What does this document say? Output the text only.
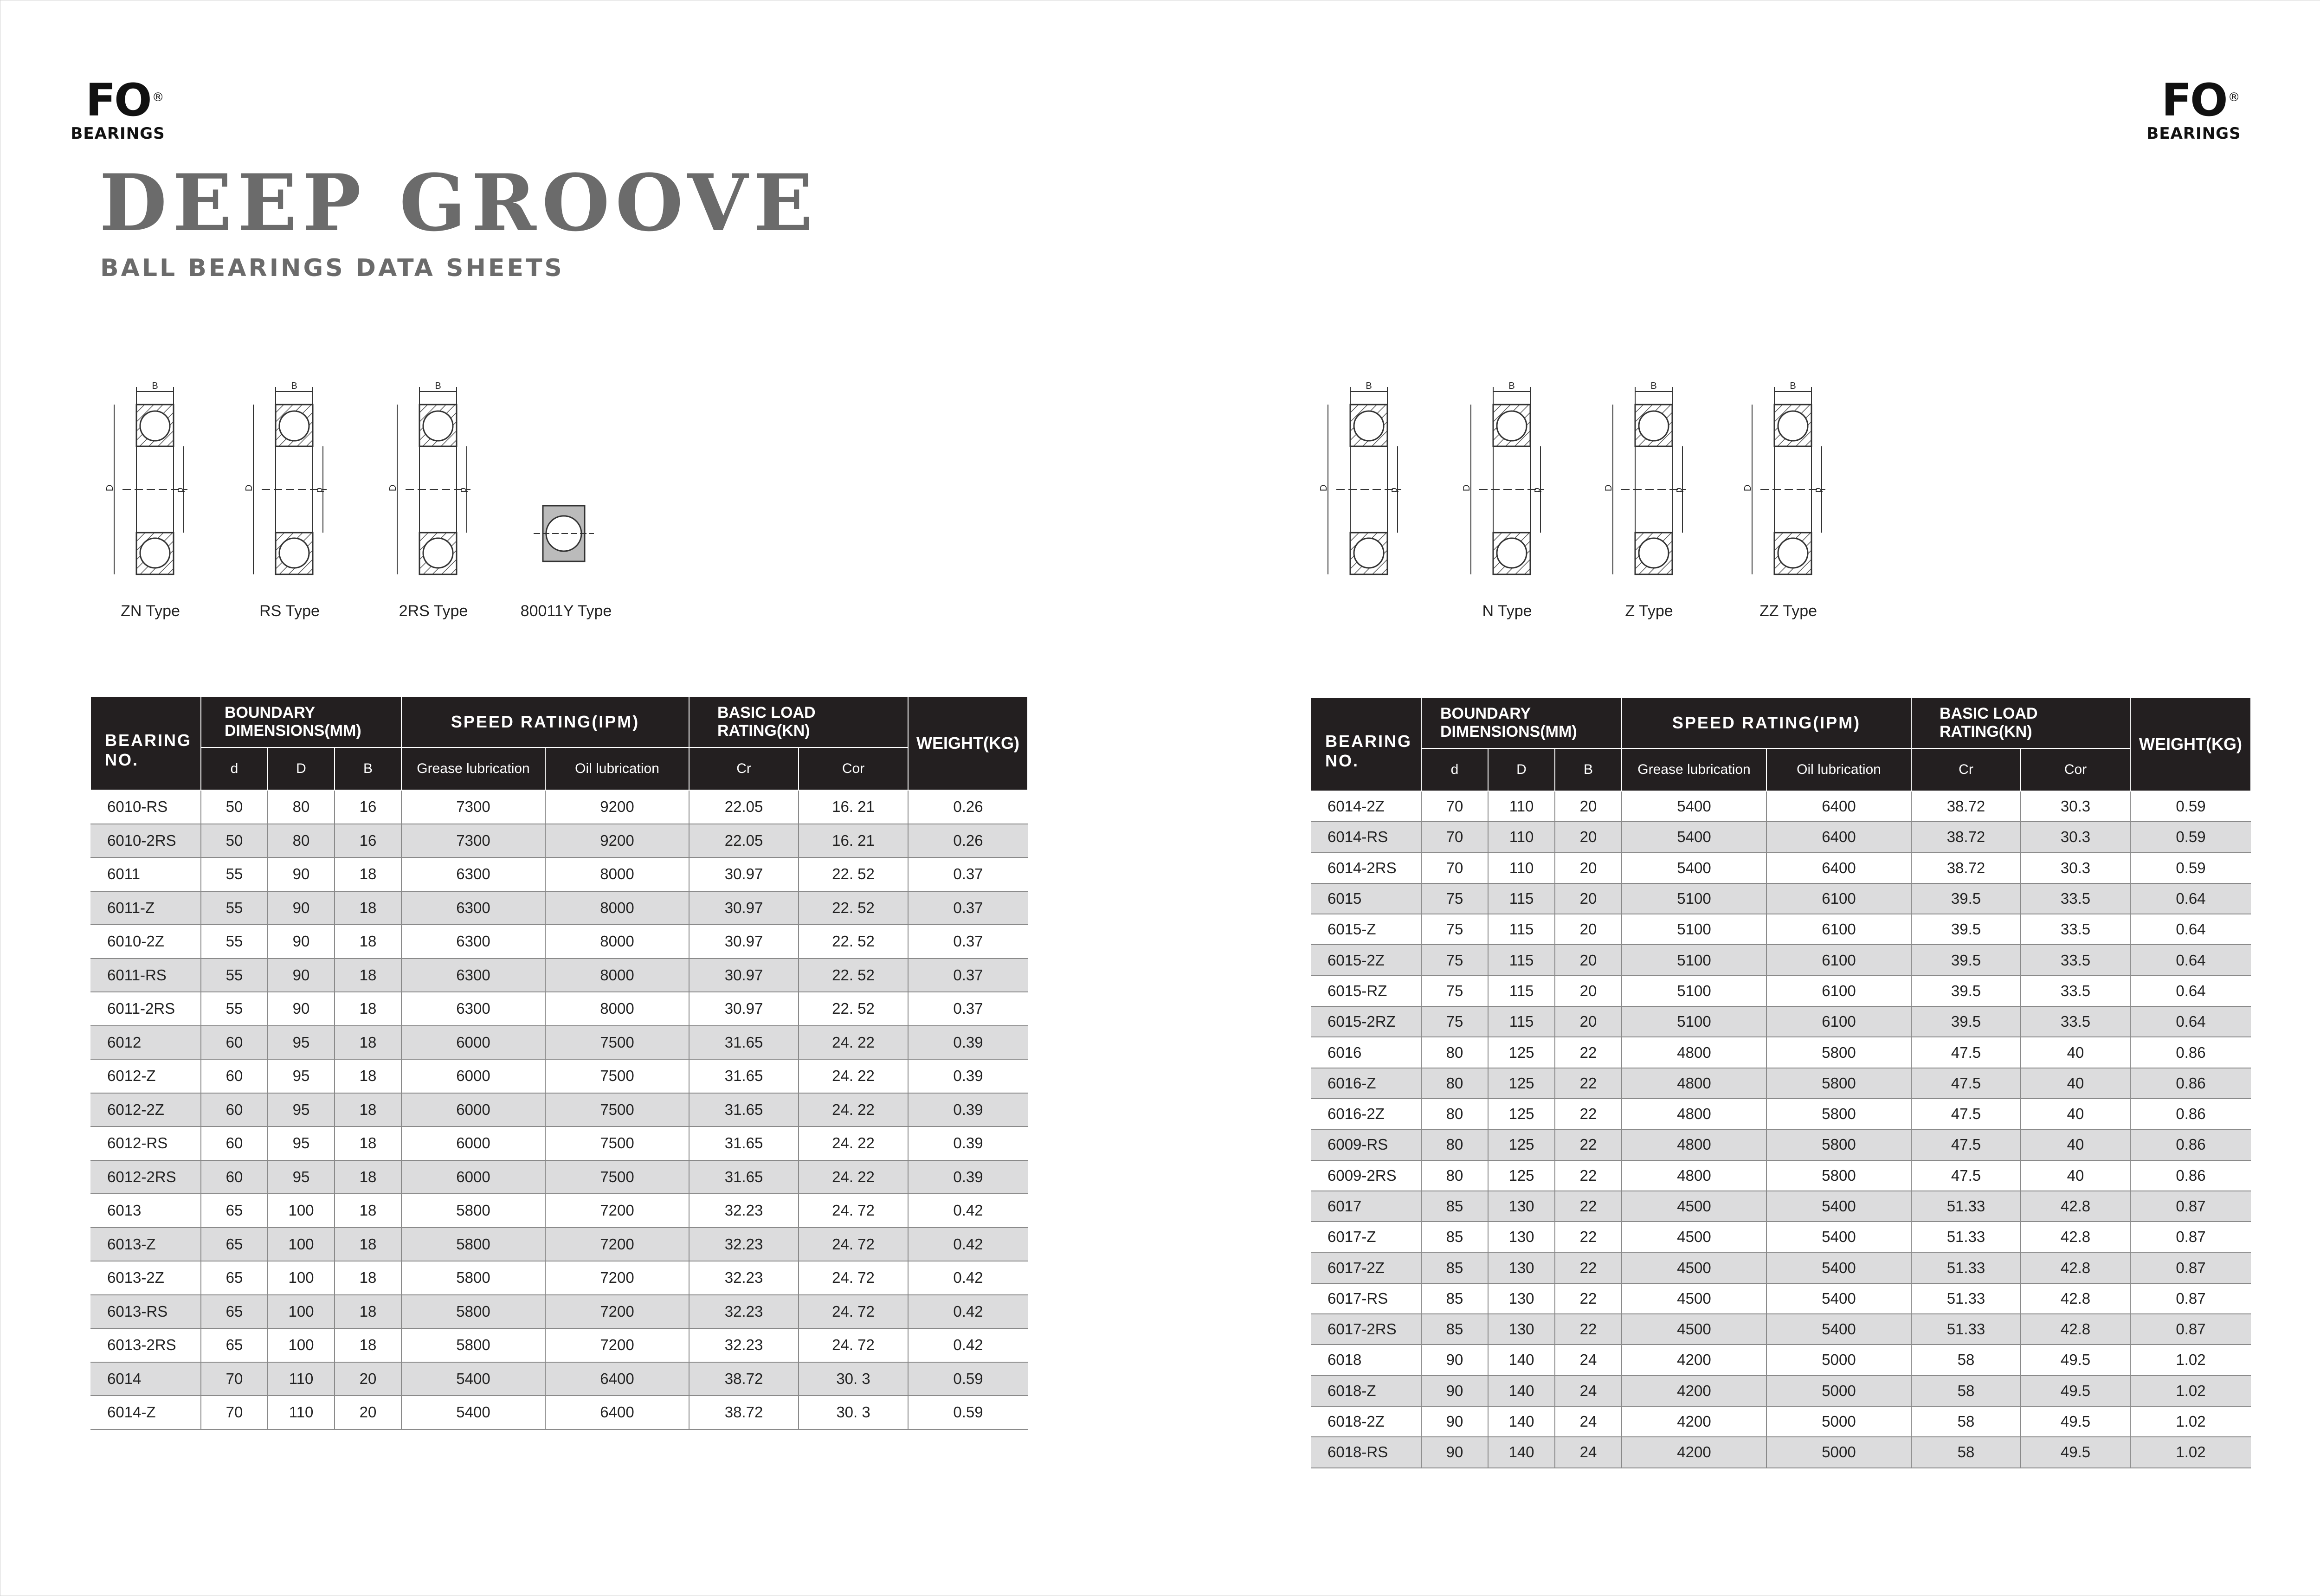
FO ®
BEARINGS
FO ®
BEARINGS
DEEP GROOVE
BALL BEARINGS DATA SHEETS
B
D	d
ZN Type
B
D	d
RS Type
B
D	d
2RS Type	80011Y Type
B
D	d
B
D	d
N Type
B
D	d
Z Type
B
D	d
ZZ Type
BEARING
NO.	BOUNDARY
DIMENSIONS(MM)			SPEED RATING(IPM)		BASIC LOAD
RATING(KN)		WEIGHT(KG)
	d	D	B	Grease lubrication	Oil lubrication	Cr	Cor	
6010-RS	50	80	16	7300	9200	22.05	16. 21	0.26
6010-2RS	50	80	16	7300	9200	22.05	16. 21	0.26
6011	55	90	18	6300	8000	30.97	22. 52	0.37
6011-Z	55	90	18	6300	8000	30.97	22. 52	0.37
6010-2Z	55	90	18	6300	8000	30.97	22. 52	0.37
6011-RS	55	90	18	6300	8000	30.97	22. 52	0.37
6011-2RS	55	90	18	6300	8000	30.97	22. 52	0.37
6012	60	95	18	6000	7500	31.65	24. 22	0.39
6012-Z	60	95	18	6000	7500	31.65	24. 22	0.39
6012-2Z	60	95	18	6000	7500	31.65	24. 22	0.39
6012-RS	60	95	18	6000	7500	31.65	24. 22	0.39
6012-2RS	60	95	18	6000	7500	31.65	24. 22	0.39
6013	65	100	18	5800	7200	32.23	24. 72	0.42
6013-Z	65	100	18	5800	7200	32.23	24. 72	0.42
6013-2Z	65	100	18	5800	7200	32.23	24. 72	0.42
6013-RS	65	100	18	5800	7200	32.23	24. 72	0.42
6013-2RS	65	100	18	5800	7200	32.23	24. 72	0.42
6014	70	110	20	5400	6400	38.72	30. 3	0.59
6014-Z	70	110	20	5400	6400	38.72	30. 3	0.59
BEARING
NO.	BOUNDARY
DIMENSIONS(MM)			SPEED RATING(IPM)		BASIC LOAD
RATING(KN)		WEIGHT(KG)
	d	D	B	Grease lubrication	Oil lubrication	Cr	Cor	
6014-2Z	70	110	20	5400	6400	38.72	30.3	0.59
6014-RS	70	110	20	5400	6400	38.72	30.3	0.59
6014-2RS	70	110	20	5400	6400	38.72	30.3	0.59
6015	75	115	20	5100	6100	39.5	33.5	0.64
6015-Z	75	115	20	5100	6100	39.5	33.5	0.64
6015-2Z	75	115	20	5100	6100	39.5	33.5	0.64
6015-RZ	75	115	20	5100	6100	39.5	33.5	0.64
6015-2RZ	75	115	20	5100	6100	39.5	33.5	0.64
6016	80	125	22	4800	5800	47.5	40	0.86
6016-Z	80	125	22	4800	5800	47.5	40	0.86
6016-2Z	80	125	22	4800	5800	47.5	40	0.86
6009-RS	80	125	22	4800	5800	47.5	40	0.86
6009-2RS	80	125	22	4800	5800	47.5	40	0.86
6017	85	130	22	4500	5400	51.33	42.8	0.87
6017-Z	85	130	22	4500	5400	51.33	42.8	0.87
6017-2Z	85	130	22	4500	5400	51.33	42.8	0.87
6017-RS	85	130	22	4500	5400	51.33	42.8	0.87
6017-2RS	85	130	22	4500	5400	51.33	42.8	0.87
6018	90	140	24	4200	5000	58	49.5	1.02
6018-Z	90	140	24	4200	5000	58	49.5	1.02
6018-2Z	90	140	24	4200	5000	58	49.5	1.02
6018-RS	90	140	24	4200	5000	58	49.5	1.02
